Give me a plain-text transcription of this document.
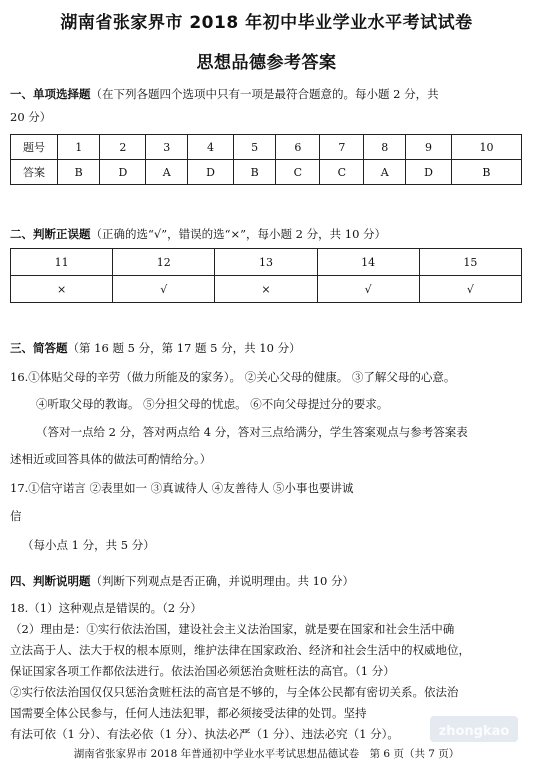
湖南省张家界市 2018 年初中毕业学业水平考试试卷
思想品德参考答案
一、单项选择题（在下列各题四个选项中只有一项是最符合题意的。每小题 2 分，共
20 分）
题号	1	2	3	4	5	6	7	8	9	10
答案	B	D	A	D	B	C	C	A	D	B
二、判断正误题（正确的选“√”，错误的选“×”，每小题 2 分，共 10 分）
11	12	13	14	15
×	√	×	√	√
三、简答题（第 16 题 5 分，第 17 题 5 分，共 10 分）
16.①体贴父母的辛劳（做力所能及的家务）。 ②关心父母的健康。 ③了解父母的心意。
④听取父母的教诲。 ⑤分担父母的忧虑。 ⑥不向父母提过分的要求。
（答对一点给 2 分，答对两点给 4 分，答对三点给满分，学生答案观点与参考答案表
述相近或回答具体的做法可酌情给分。）
17.①信守诺言 ②表里如一 ③真诚待人 ④友善待人 ⑤小事也要讲诚
信
（每小点 1 分，共 5 分）
四、判断说明题（判断下列观点是否正确，并说明理由。共 10 分）
18.（1）这种观点是错误的。（2 分）
（2）理由是：①实行依法治国，建设社会主义法治国家，就是要在国家和社会生活中确
立法高于人、法大于权的根本原则，维护法律在国家政治、经济和社会生活中的权威地位，
保证国家各项工作都依法进行。依法治国必须惩治贪赃枉法的高官。（1 分）
②实行依法治国仅仅只惩治贪赃枉法的高官是不够的，与全体公民都有密切关系。依法治
国需要全体公民参与，任何人违法犯罪，都必须接受法律的处罚。坚持
有法可依（1 分）、有法必依（1 分）、执法必严（1 分）、违法必究（1 分）。
湖南省张家界市 2018 年普通初中学业水平考试思想品德试卷　第 6 页（共 7 页）
zhongkao
